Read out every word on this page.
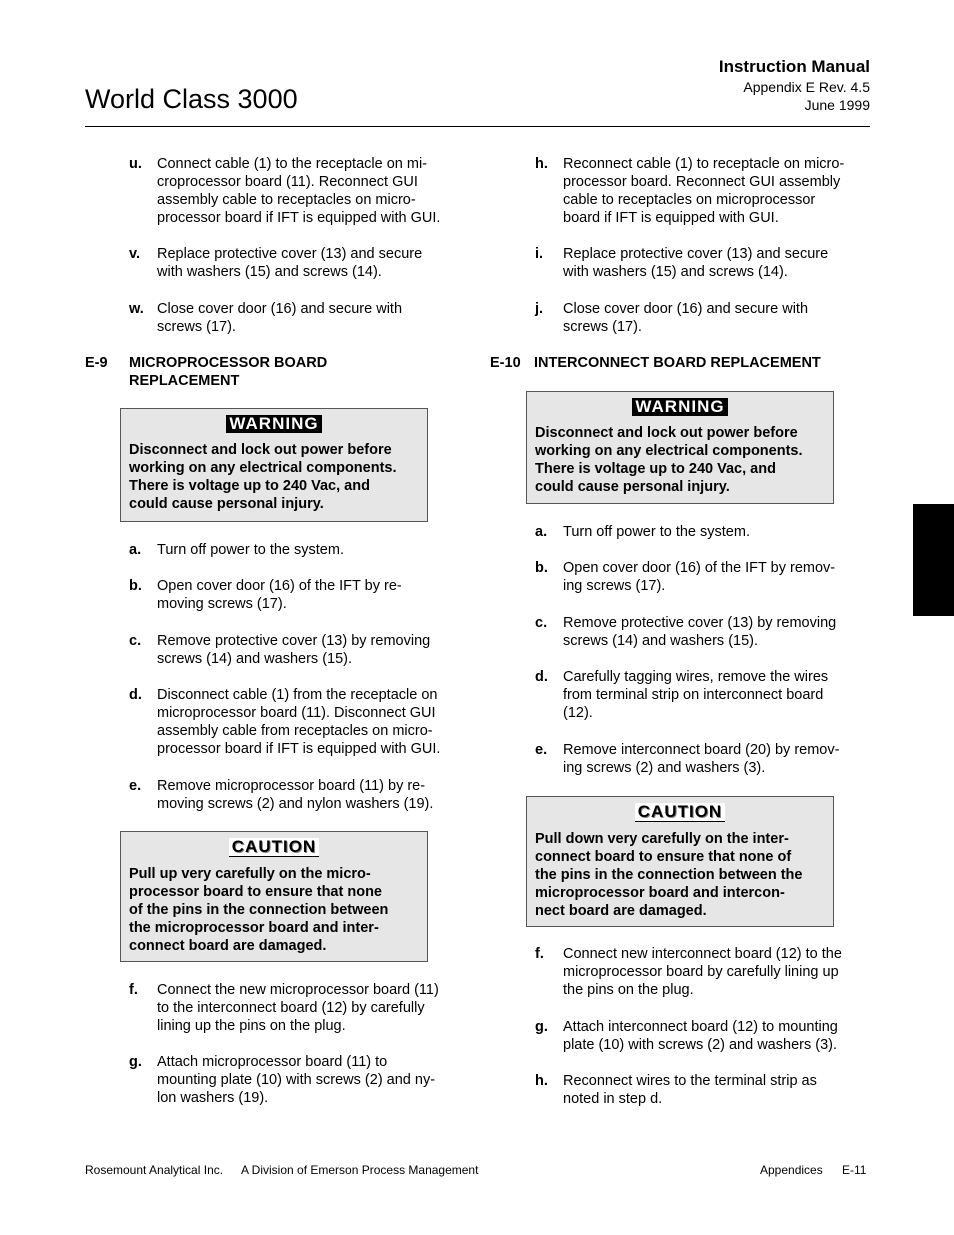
World Class 3000
Instruction Manual
Appendix E Rev. 4.5
June 1999
u. Connect cable (1) to the receptacle on mi-
croprocessor board (11). Reconnect GUI
assembly cable to receptacles on micro-
processor board if IFT is equipped with GUI.
v. Replace protective cover (13) and secure
with washers (15) and screws (14).
w. Close cover door (16) and secure with
screws (17).
E-9 MICROPROCESSOR BOARD
REPLACEMENT
WARNING
Disconnect and lock out power before
working on any electrical components.
There is voltage up to 240 Vac, and
could cause personal injury.
a. Turn off power to the system.
b. Open cover door (16) of the IFT by re-
moving screws (17).
c. Remove protective cover (13) by removing
screws (14) and washers (15).
d. Disconnect cable (1) from the receptacle on
microprocessor board (11). Disconnect GUI
assembly cable from receptacles on micro-
processor board if IFT is equipped with GUI.
e. Remove microprocessor board (11) by re-
moving screws (2) and nylon washers (19).
CAUTION
Pull up very carefully on the micro-
processor board to ensure that none
of the pins in the connection between
the microprocessor board and inter-
connect board are damaged.
f. Connect the new microprocessor board (11)
to the interconnect board (12) by carefully
lining up the pins on the plug.
g. Attach microprocessor board (11) to
mounting plate (10) with screws (2) and ny-
lon washers (19).
h. Reconnect cable (1) to receptacle on micro-
processor board. Reconnect GUI assembly
cable to receptacles on microprocessor
board if IFT is equipped with GUI.
i. Replace protective cover (13) and secure
with washers (15) and screws (14).
j. Close cover door (16) and secure with
screws (17).
E-10 INTERCONNECT BOARD REPLACEMENT
WARNING
Disconnect and lock out power before
working on any electrical components.
There is voltage up to 240 Vac, and
could cause personal injury.
a. Turn off power to the system.
b. Open cover door (16) of the IFT by remov-
ing screws (17).
c. Remove protective cover (13) by removing
screws (14) and washers (15).
d. Carefully tagging wires, remove the wires
from terminal strip on interconnect board
(12).
e. Remove interconnect board (20) by remov-
ing screws (2) and washers (3).
CAUTION
Pull down very carefully on the inter-
connect board to ensure that none of
the pins in the connection between the
microprocessor board and intercon-
nect board are damaged.
f. Connect new interconnect board (12) to the
microprocessor board by carefully lining up
the pins on the plug.
g. Attach interconnect board (12) to mounting
plate (10) with screws (2) and washers (3).
h. Reconnect wires to the terminal strip as
noted in step d.
Rosemount Analytical Inc. A Division of Emerson Process Management	Appendices E-11
